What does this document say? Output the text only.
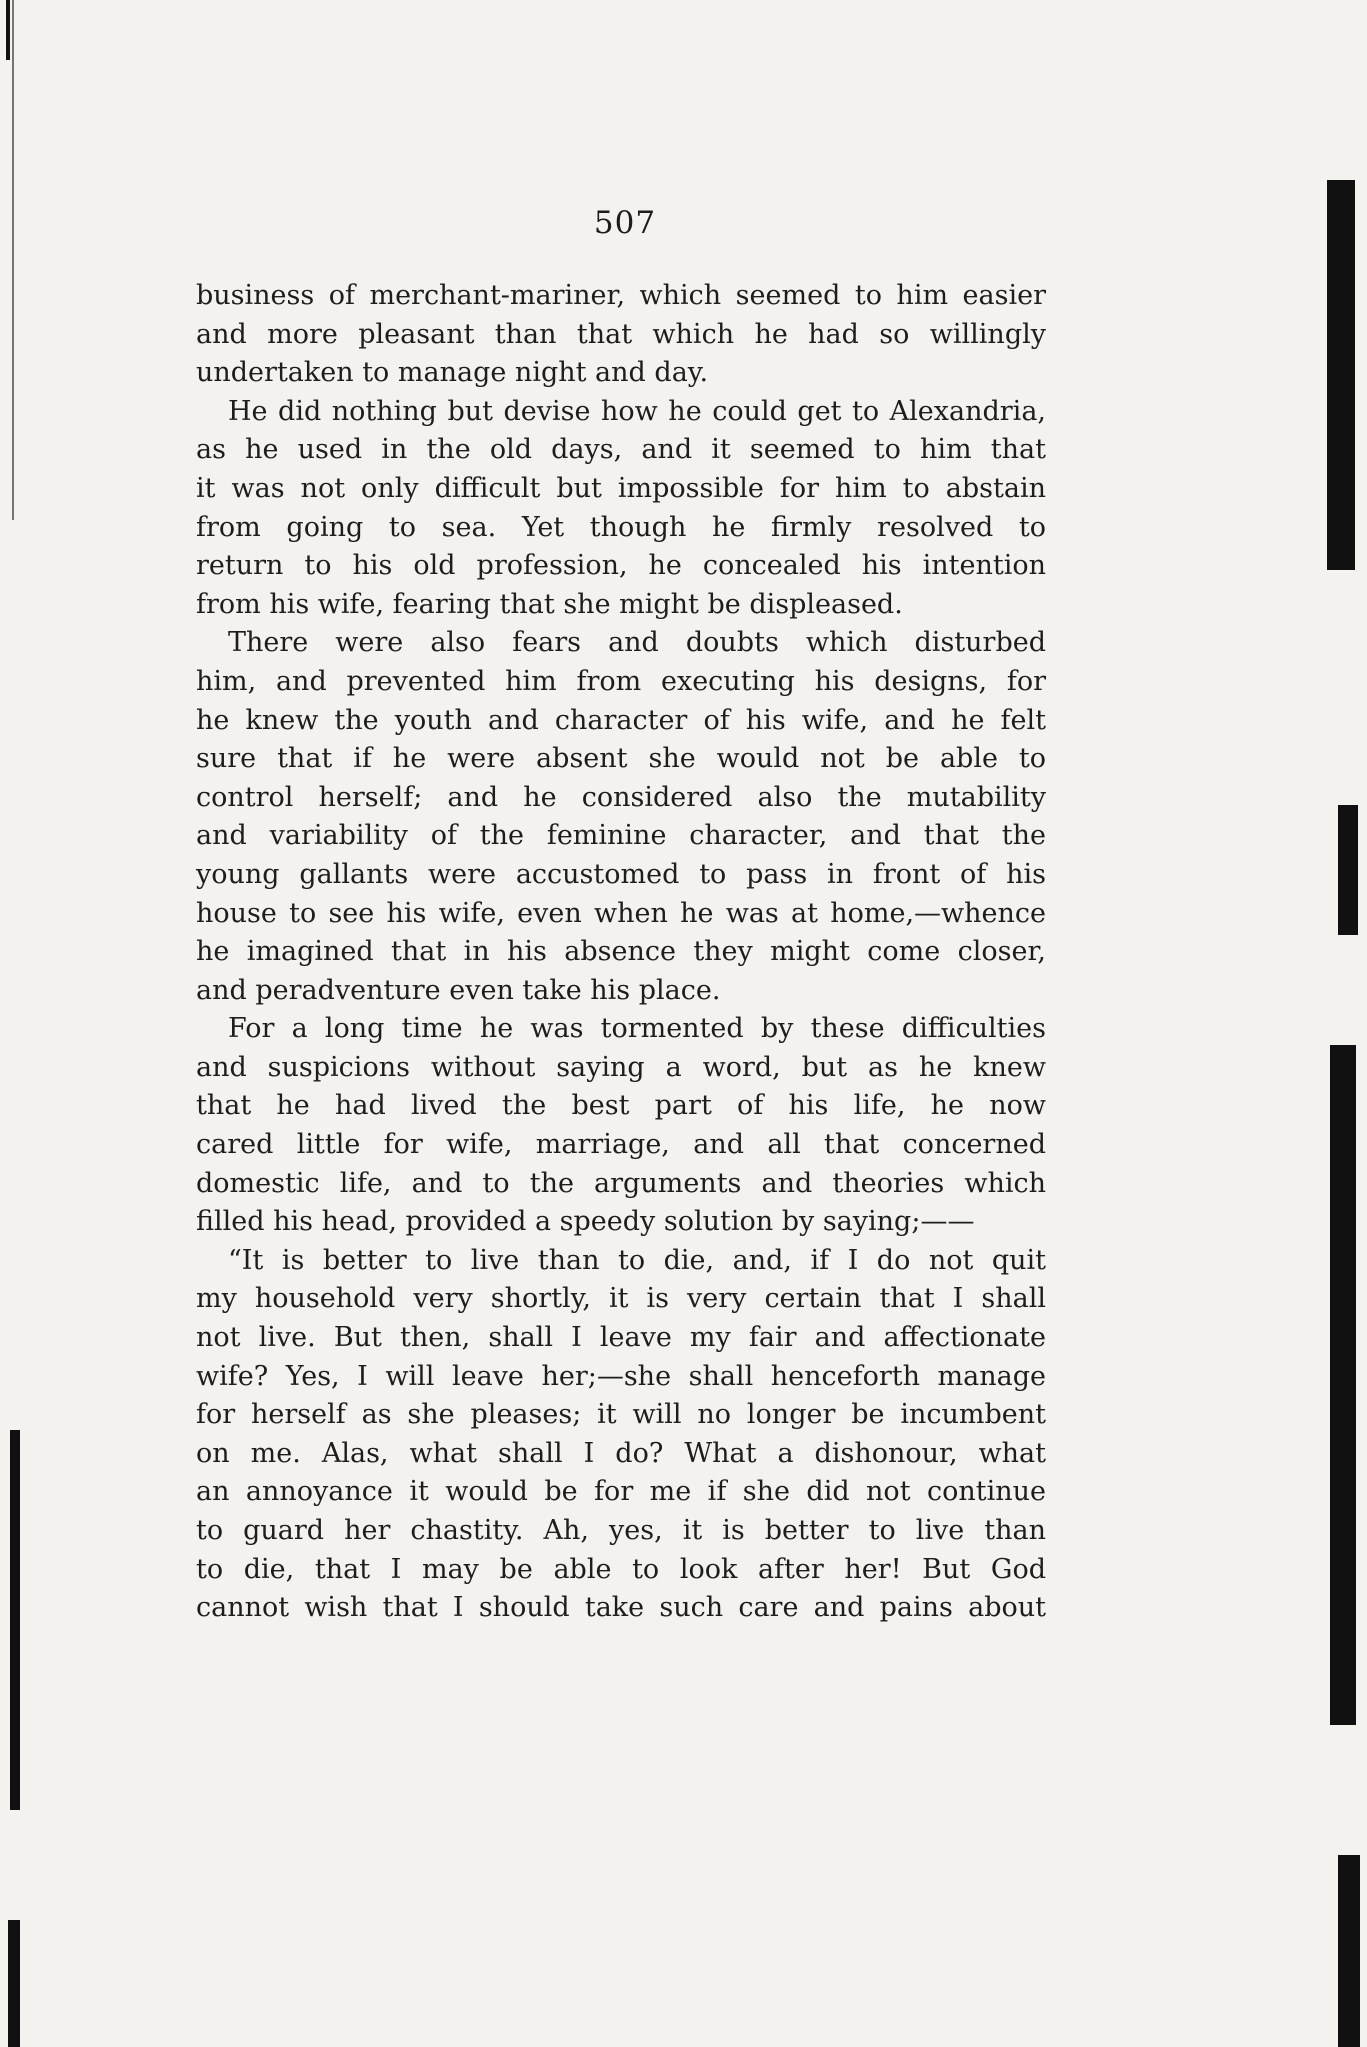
507

business of merchant-mariner, which seemed to him easier
and more pleasant than that which he had so willingly
undertaken to manage night and day.

He did nothing but devise how he could get to Alexandria,
as he used in the old days, and it seemed to him that
it was not only difficult but impossible for him to abstain
from going to sea. Yet though he firmly resolved to
return to his old profession, he concealed his intention
from his wife, fearing that she might be displeased.

There were also fears and doubts which disturbed
him, and prevented him from executing his designs, for
he knew the youth and character of his wife, and he felt
sure that if he were absent she would not be able to
control herself; and he considered also the mutability
and variability of the feminine character, and that the
young gallants were accustomed to pass in front of his
house to see his wife, even when he was at home,—whence
he imagined that in his absence they might come closer,
and peradventure even take his place.

For a long time he was tormented by these difficulties
and suspicions without saying a word, but as he knew
that he had lived the best part of his life, he now
cared little for wife, marriage, and all that concerned
domestic life, and to the arguments and theories which
filled his head, provided a speedy solution by saying;——

“It is better to live than to die, and, if I do not quit
my household very shortly, it is very certain that I shall
not live. But then, shall I leave my fair and affectionate
wife? Yes, I will leave her;—she shall henceforth manage
for herself as she pleases; it will no longer be incumbent
on me. Alas, what shall I do? What a dishonour, what
an annoyance it would be for me if she did not continue
to guard her chastity. Ah, yes, it is better to live than
to die, that I may be able to look after her! But God
cannot wish that I should take such care and pains about
